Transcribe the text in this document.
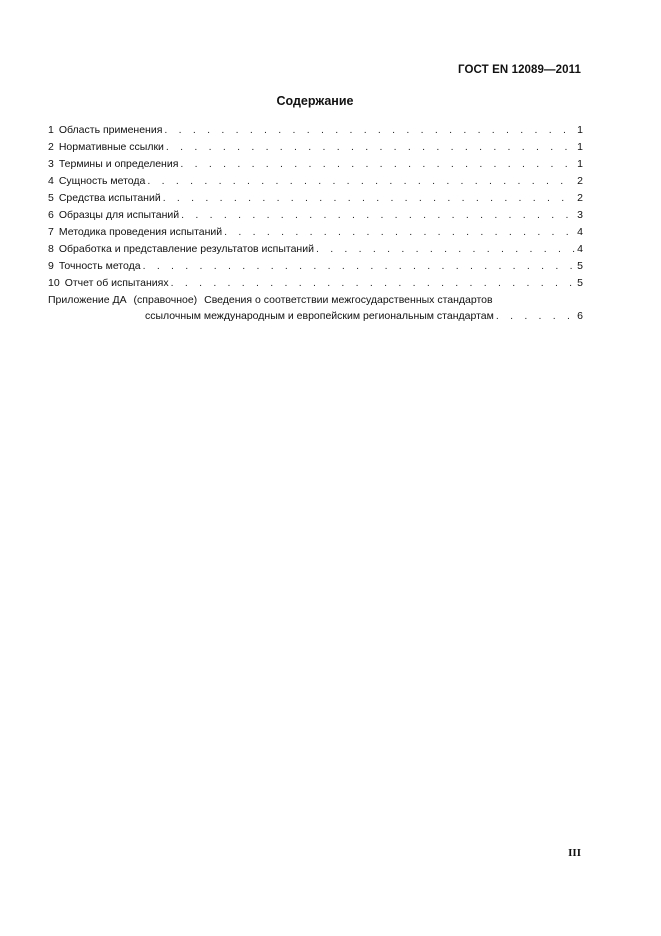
ГОСТ EN 12089—2011
Содержание
1 Область применения . . .	1
2 Нормативные ссылки . . .	1
3 Термины и определения . . .	1
4 Сущность метода . . .	2
5 Средства испытаний . . .	2
6 Образцы для испытаний . . .	3
7 Методика проведения испытаний . . .	4
8 Обработка и представление результатов испытаний . . .	4
9 Точность метода . . .	5
10 Отчет об испытаниях . . .	5
Приложение ДА (справочное) Сведения о соответствии межгосударственных стандартов
ссылочным международным и европейским региональным стандартам . . .	6
III
